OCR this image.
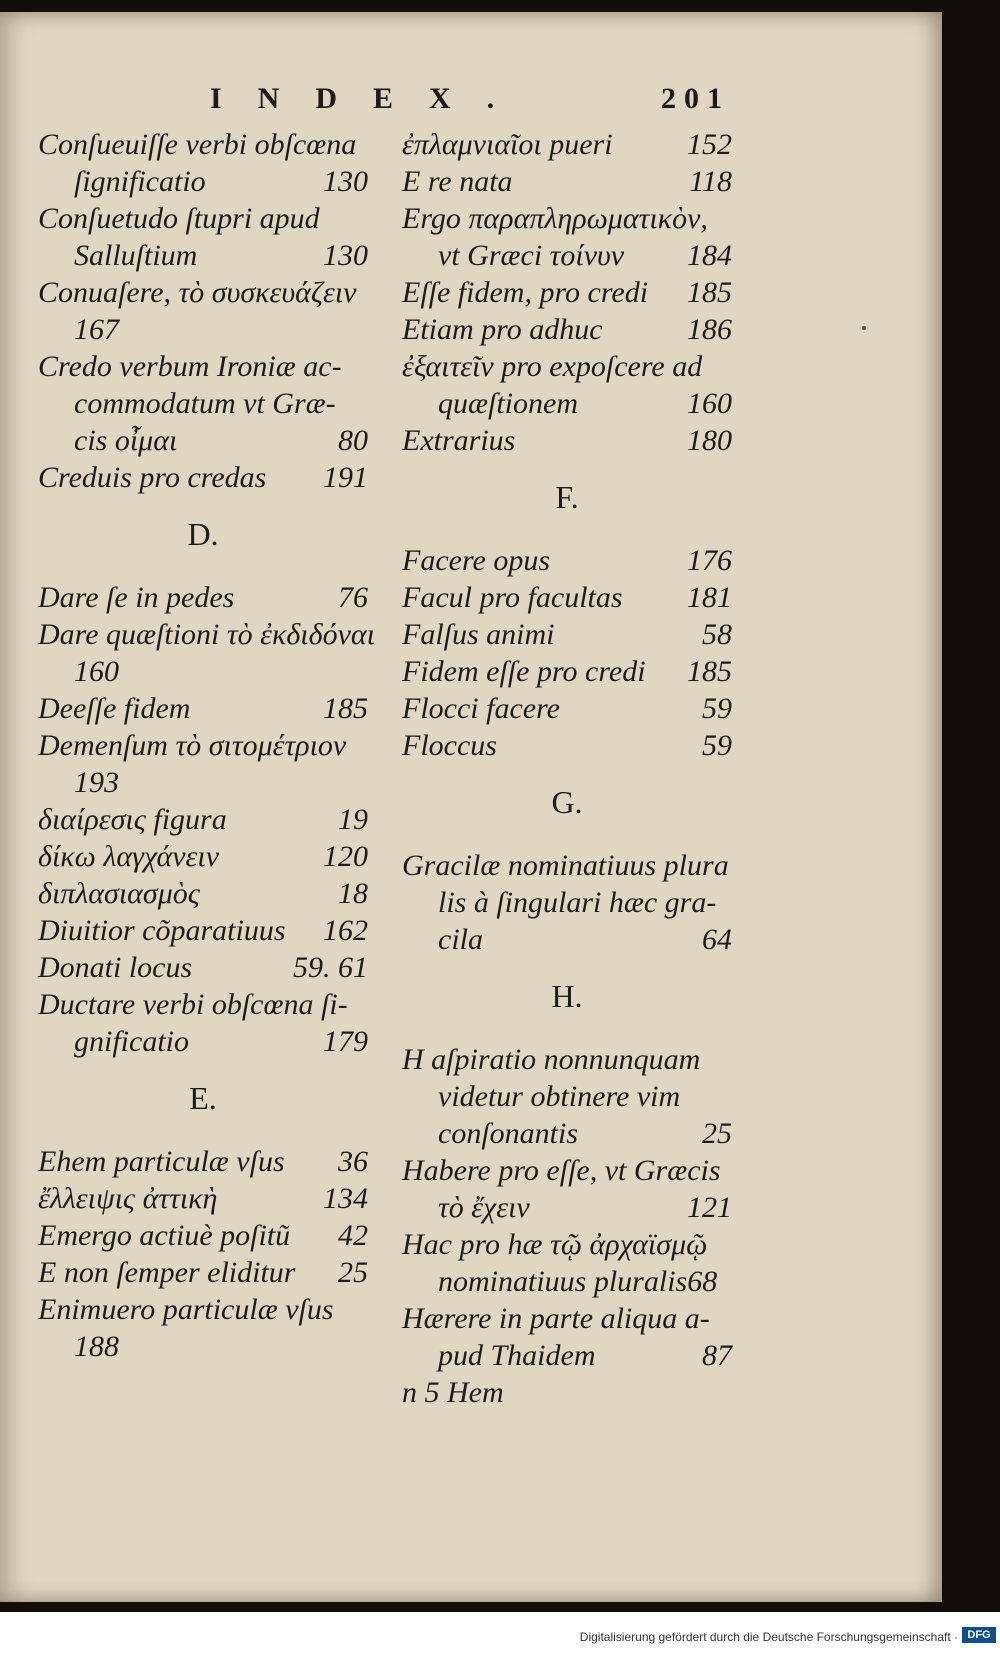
INDEX.	201
Conſueuiſſe verbi obſcœna
ſignificatio	130
Conſuetudo ſtupri apud
Salluſtium	130
Conuaſere, τὸ συσκευάζειν
167
Credo verbum Ironiæ ac-
commodatum vt Græ-
cis οἶμαι	80
Creduis pro credas	191
D.
Dare ſe in pedes	76
Dare quæſtioni τὸ ἐκδιδόναι
160
Deeſſe fidem	185
Demenſum τὸ σιτομέτριον
193
διαίρεσις figura	19
δίκω λαγχάνειν	120
διπλασιασμὸς	18
Diuitior cõparatiuus	162
Donati locus	59. 61
Ductare verbi obſcœna ſi-
gnificatio	179
E.
Ehem particulæ vſus	36
ἔλλειψις ἀττικὴ	134
Emergo actiuè poſitũ	42
E non ſemper eliditur	25
Enimuero particulæ vſus
188
ἐπλαμνιαῖοι pueri	152
E re nata	118
Ergo παραπληρωματικὸν,
vt Græci τοίνυν	184
Eſſe fidem, pro credi	185
Etiam pro adhuc	186
ἐξαιτεῖν pro expoſcere ad
quæſtionem	160
Extrarius	180
F.
Facere opus	176
Facul pro facultas	181
Falſus animi	58
Fidem eſſe pro credi	185
Flocci facere	59
Floccus	59
G.
Gracilæ nominatiuus plura
lis à ſingulari hæc gra-
cila	64
H.
H aſpiratio nonnunquam
videtur obtinere vim
conſonantis	25
Habere pro eſſe, vt Græcis
τὸ ἔχειν	121
Hac pro hæ τῷ ἀρχαϊσμῷ
nominatiuus pluralis68
Hærere in parte aliqua a-
pud Thaidem	87
n 5 Hem
Digitalisierung gefördert durch die Deutsche Forschungsgemeinschaft · DFG
